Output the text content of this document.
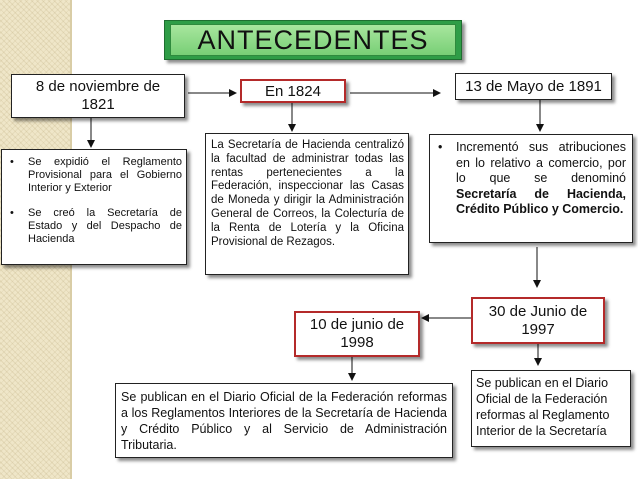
ANTECEDENTES
8 de noviembre de 1821
• Se expidió el Reglamento Provisional para el Gobierno Interior y Exterior
• Se creó la Secretaría de Estado y del Despacho de Hacienda
En 1824
La Secretaría de Hacienda centralizó la facultad de administrar todas las rentas pertenecientes a la Federación, inspeccionar las Casas de Moneda y dirigir la Administración General de Correos, la Colecturía de la Renta de Lotería y la Oficina Provisional de Rezagos.
13 de Mayo de 1891
• Incrementó sus atribuciones en lo relativo a comercio, por lo que se denominó Secretaría de Hacienda, Crédito Público y Comercio.
30 de Junio de 1997
Se publican en el Diario Oficial de la Federación reformas al Reglamento Interior de la Secretaría
10 de junio de 1998
Se publican en el Diario Oficial de la Federación reformas a los Reglamentos Interiores de la Secretaría de Hacienda y Crédito Público y al Servicio de Administración Tributaria.
